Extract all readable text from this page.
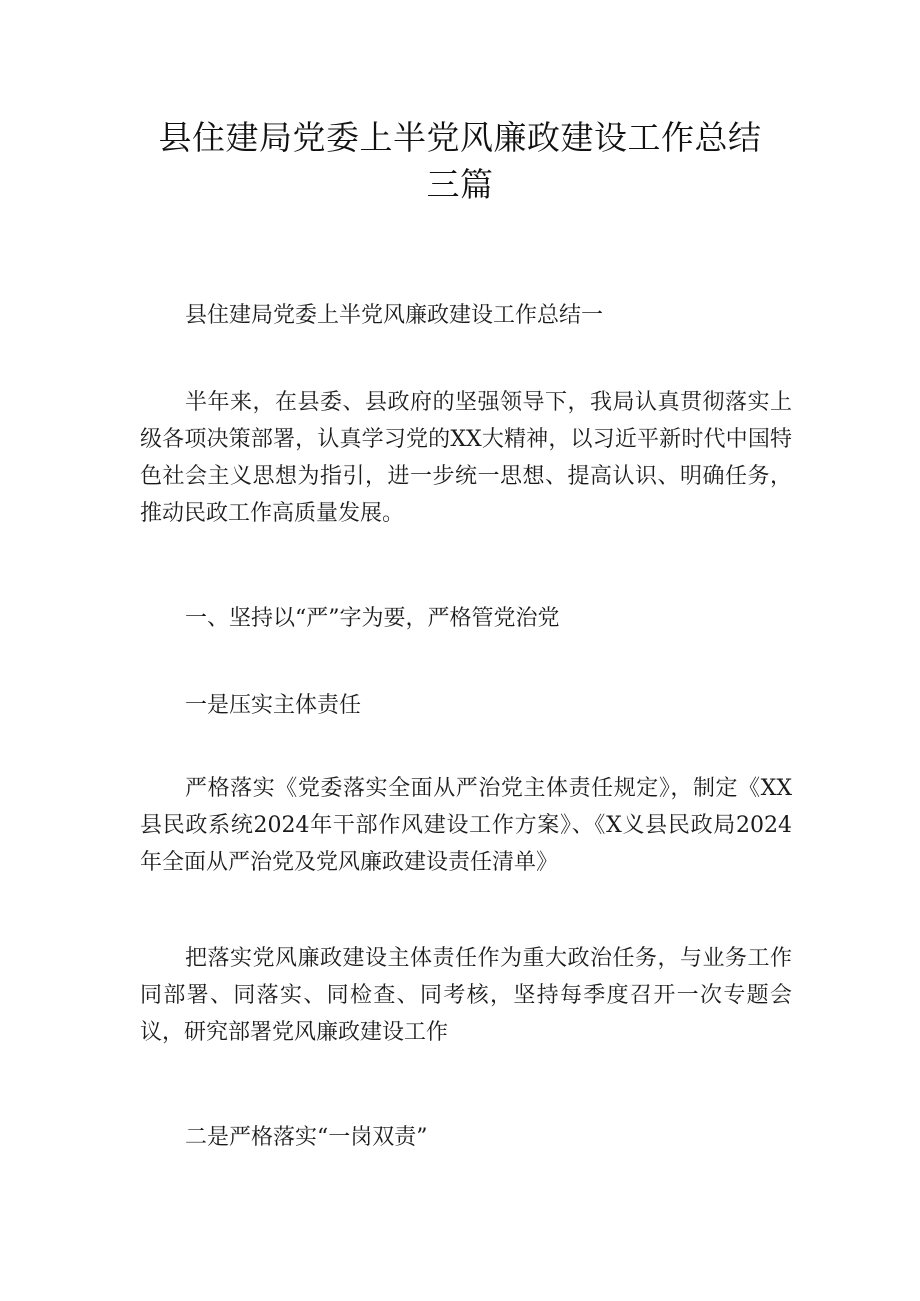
县住建局党委上半党风廉政建设工作总结
三篇

县住建局党委上半党风廉政建设工作总结一

半年来，在县委、县政府的坚强领导下，我局认真贯彻落实上级各项决策部署，认真学习党的XX大精神，以习近平新时代中国特色社会主义思想为指引，进一步统一思想、提高认识、明确任务，推动民政工作高质量发展。

一、坚持以“严”字为要，严格管党治党

一是压实主体责任

严格落实《党委落实全面从严治党主体责任规定》，制定《XX县民政系统2024年干部作风建设工作方案》、《X义县民政局2024年全面从严治党及党风廉政建设责任清单》

把落实党风廉政建设主体责任作为重大政治任务，与业务工作同部署、同落实、同检查、同考核，坚持每季度召开一次专题会议，研究部署党风廉政建设工作

二是严格落实“一岗双责”
